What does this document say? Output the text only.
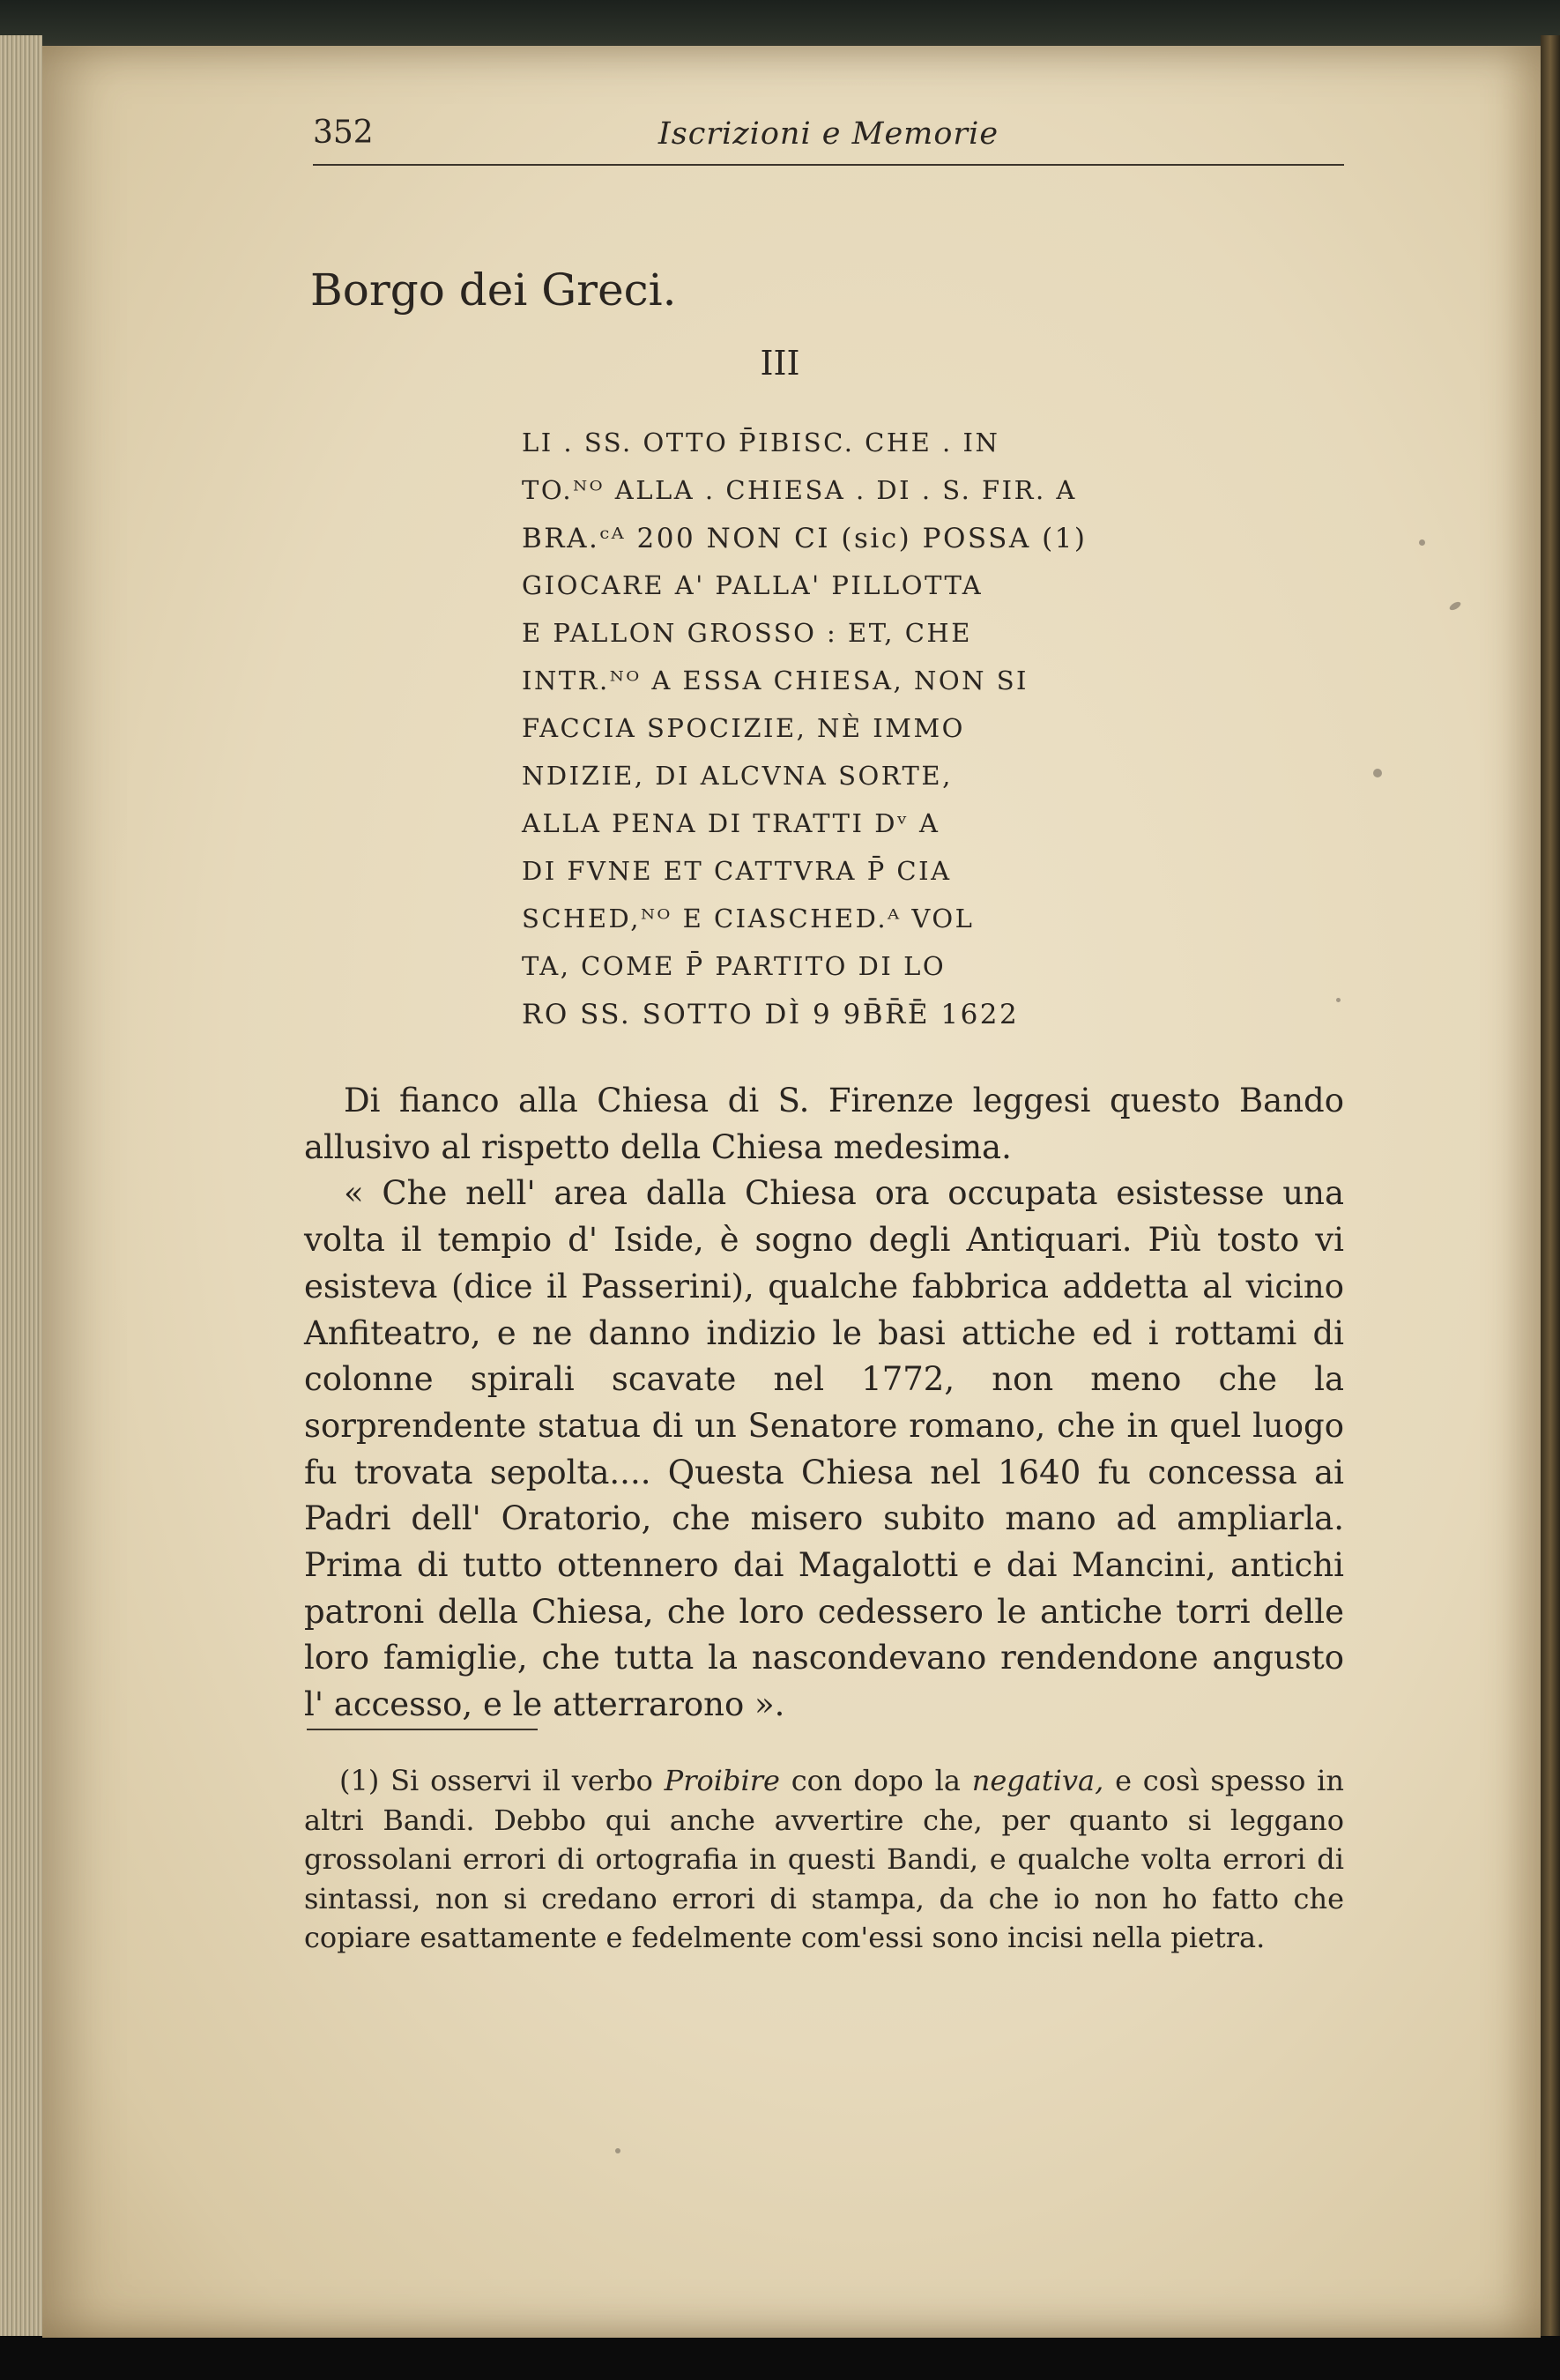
352	Iscrizioni e Memorie
Borgo dei Greci.
III
LI . SS. OTTO P̄IBISC. CHE . IN
TO.ᴺᴼ ALLA . CHIESA . DI . S. FIR. A
BRA.ᶜᴬ 200 NON CI (sic) POSSA (1)
GIOCARE A' PALLA' PILLOTTA
E PALLON GROSSO : ET, CHE
INTR.ᴺᴼ A ESSA CHIESA, NON SI
FACCIA SPOCIZIE, NÈ IMMO
NDIZIE, DI ALCVNA SORTE,
ALLA PENA DI TRATTI Dᵛ A
DI FVNE ET CATTVRA P̄ CIA
SCHED,ᴺᴼ E CIASCHED.ᴬ VOL
TA, COME P̄ PARTITO DI LO
RO SS. SOTTO DÌ 9 9B̄R̄Ē 1622

Di fianco alla Chiesa di S. Firenze leggesi questo Bando allusivo al rispetto della Chiesa medesima.

« Che nell' area dalla Chiesa ora occupata esistesse una volta il tempio d' Iside, è sogno degli Antiquari. Più tosto vi esisteva (dice il Passerini), qualche fabbrica addetta al vicino Anfiteatro, e ne danno indizio le basi attiche ed i rottami di colonne spirali scavate nel 1772, non meno che la sorprendente statua di un Senatore romano, che in quel luogo fu trovata sepolta.... Questa Chiesa nel 1640 fu concessa ai Padri dell' Oratorio, che misero subito mano ad ampliarla. Prima di tutto ottennero dai Magalotti e dai Mancini, antichi patroni della Chiesa, che loro cedessero le antiche torri delle loro famiglie, che tutta la nascondevano rendendone angusto l' accesso, e le atterrarono ».

(1) Si osservi il verbo Proibire con dopo la negativa, e così spesso in altri Bandi. Debbo qui anche avvertire che, per quanto si leggano grossolani errori di ortografia in questi Bandi, e qualche volta errori di sintassi, non si credano errori di stampa, da che io non ho fatto che copiare esattamente e fedelmente com'essi sono incisi nella pietra.
